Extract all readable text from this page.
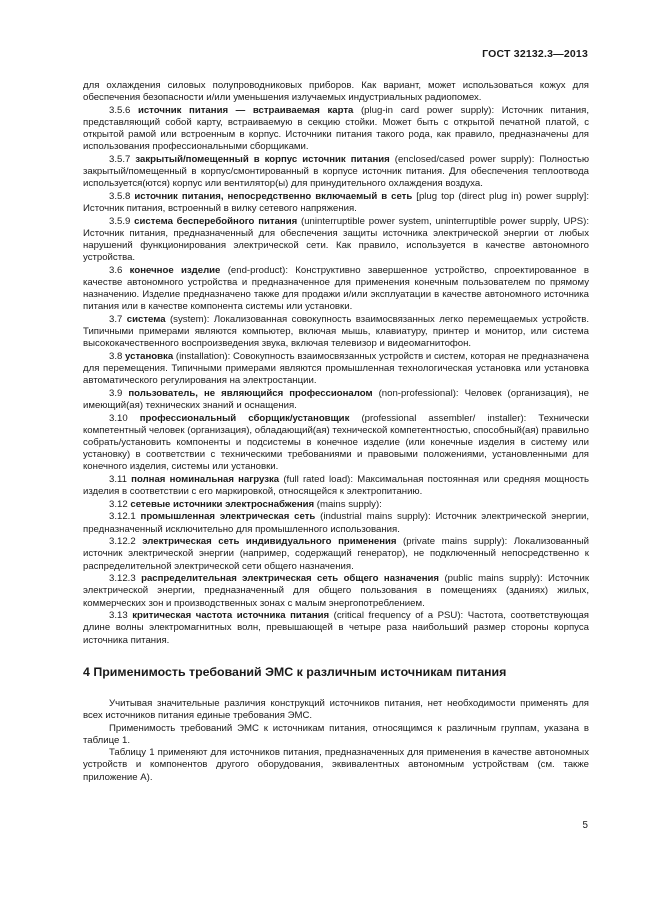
ГОСТ 32132.3—2013

для охлаждения силовых полупроводниковых приборов. Как вариант, может использоваться кожух для обеспечения безопасности и/или уменьшения излучаемых индустриальных радиопомех.

3.5.6 источник питания — встраиваемая карта (plug-in card power supply): Источник питания, представляющий собой карту, встраиваемую в секцию стойки. Может быть с открытой печатной платой, с открытой рамой или встроенным в корпус. Источники питания такого рода, как правило, предназначены для использования профессиональными сборщиками.

3.5.7 закрытый/помещенный в корпус источник питания (enclosed/cased power supply): Полностью закрытый/помещенный в корпус/смонтированный в корпусе источник питания. Для обеспечения теплоотвода используется(ются) корпус или вентилятор(ы) для принудительного охлаждения воздуха.

3.5.8 источник питания, непосредственно включаемый в сеть [plug top (direct plug in) power supply]: Источник питания, встроенный в вилку сетевого напряжения.

3.5.9 система бесперебойного питания (uninterruptible power system, uninterruptible power supply, UPS): Источник питания, предназначенный для обеспечения защиты источника электрической энергии от любых нарушений функционирования электрической сети. Как правило, используется в качестве автономного устройства.

3.6 конечное изделие (end-product): Конструктивно завершенное устройство, спроектированное в качестве автономного устройства и предназначенное для применения конечным пользователем по прямому назначению. Изделие предназначено также для продажи и/или эксплуатации в качестве автономного источника питания или в качестве компонента системы или установки.

3.7 система (system): Локализованная совокупность взаимосвязанных легко перемещаемых устройств. Типичными примерами являются компьютер, включая мышь, клавиатуру, принтер и монитор, или система высококачественного воспроизведения звука, включая телевизор и видеомагнитофон.

3.8 установка (installation): Совокупность взаимосвязанных устройств и систем, которая не предназначена для перемещения. Типичными примерами являются промышленная технологическая установка или установка автоматического регулирования на электростанции.

3.9 пользователь, не являющийся профессионалом (non-professional): Человек (организация), не имеющий(ая) технических знаний и оснащения.

3.10 профессиональный сборщик/установщик (professional assembler/ installer): Технически компетентный человек (организация), обладающий(ая) технической компетентностью, способный(ая) правильно собрать/установить компоненты и подсистемы в конечное изделие (или конечные изделия в систему или установку) в соответствии с техническими требованиями и правовыми положениями, установленными для конечного изделия, системы или установки.

3.11 полная номинальная нагрузка (full rated load): Максимальная постоянная или средняя мощность изделия в соответствии с его маркировкой, относящейся к электропитанию.

3.12 сетевые источники электроснабжения (mains supply):

3.12.1 промышленная электрическая сеть (industrial mains supply): Источник электрической энергии, предназначенный исключительно для промышленного использования.

3.12.2 электрическая сеть индивидуального применения (private mains supply): Локализованный источник электрической энергии (например, содержащий генератор), не подключенный непосредственно к распределительной электрической сети общего назначения.

3.12.3 распределительная электрическая сеть общего назначения (public mains supply): Источник электрической энергии, предназначенный для общего пользования в помещениях (зданиях) жилых, коммерческих зон и производственных зонах с малым энергопотреблением.

3.13 критическая частота источника питания (critical frequency of a PSU): Частота, соответствующая длине волны электромагнитных волн, превышающей в четыре раза наибольший размер стороны корпуса источника питания.

4 Применимость требований ЭМС к различным источникам питания

Учитывая значительные различия конструкций источников питания, нет необходимости применять для всех источников питания единые требования ЭМС.

Применимость требований ЭМС к источникам питания, относящимся к различным группам, указана в таблице 1.

Таблицу 1 применяют для источников питания, предназначенных для применения в качестве автономных устройств и компонентов другого оборудования, эквивалентных автономным устройствам (см. также приложение А).

5
